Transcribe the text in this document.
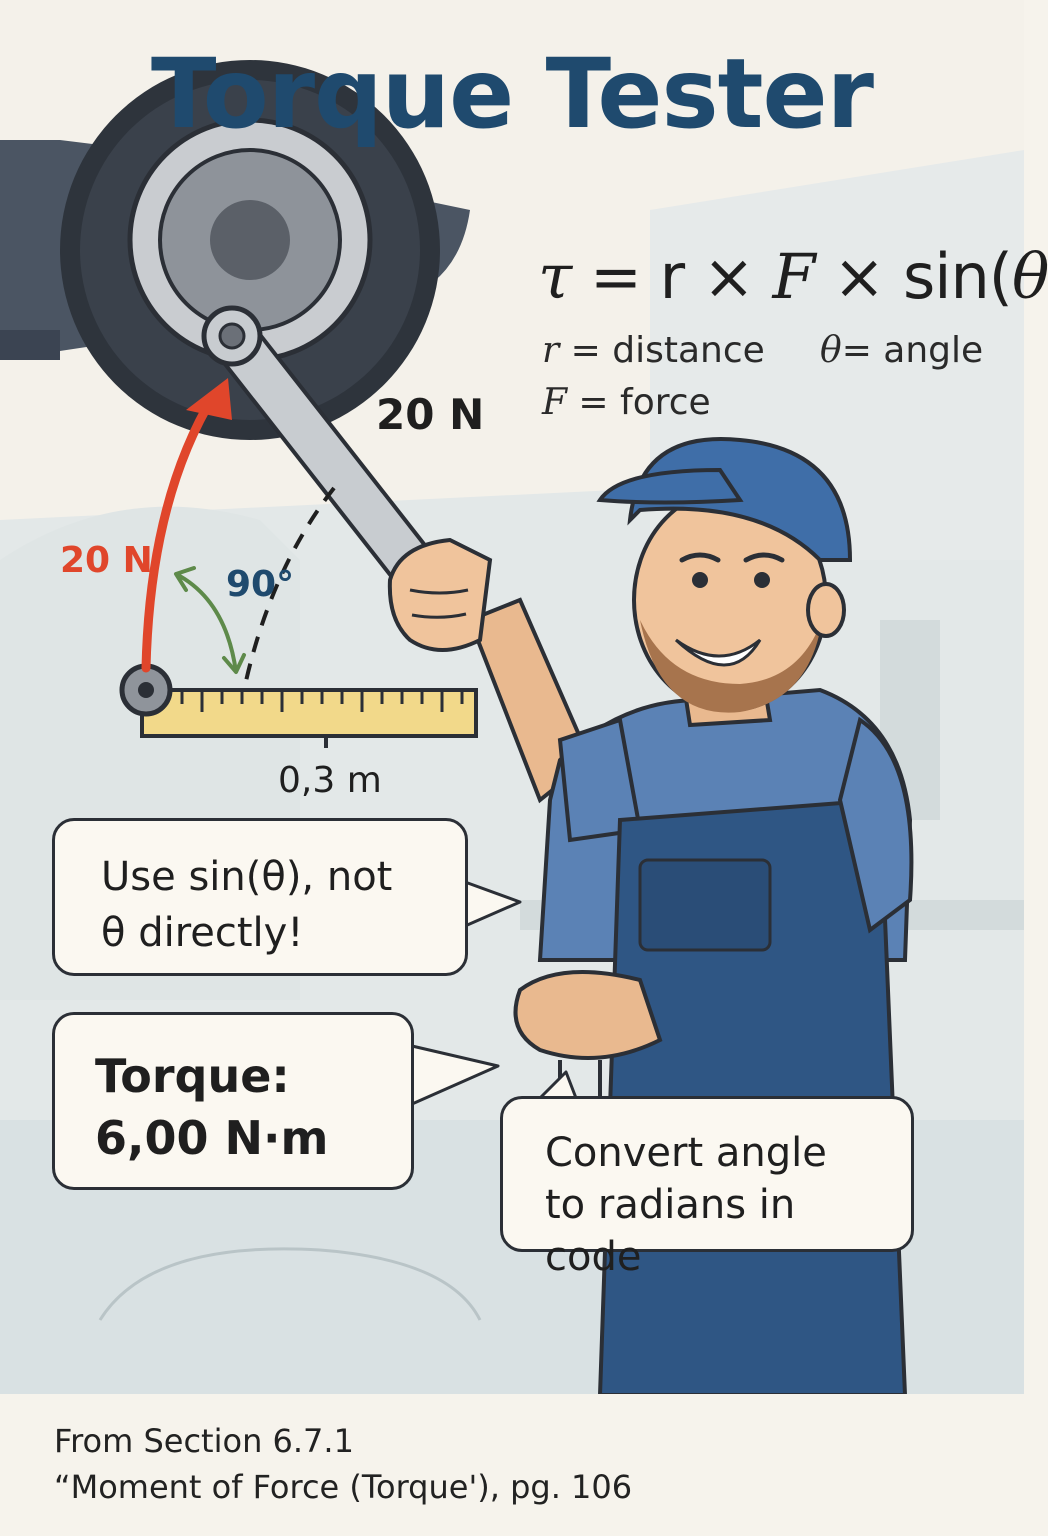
Torque Tester
τ = r × F × sin(θ
r = distance θ= angle
F = force
20 N
20 N
90°
0,3 m
Use sin(θ), not
θ directly!
Torque:
6,00 N·m	Convert angle
to radians in code
From Section 6.7.1
“Moment of Force (Torque'), pg. 106
